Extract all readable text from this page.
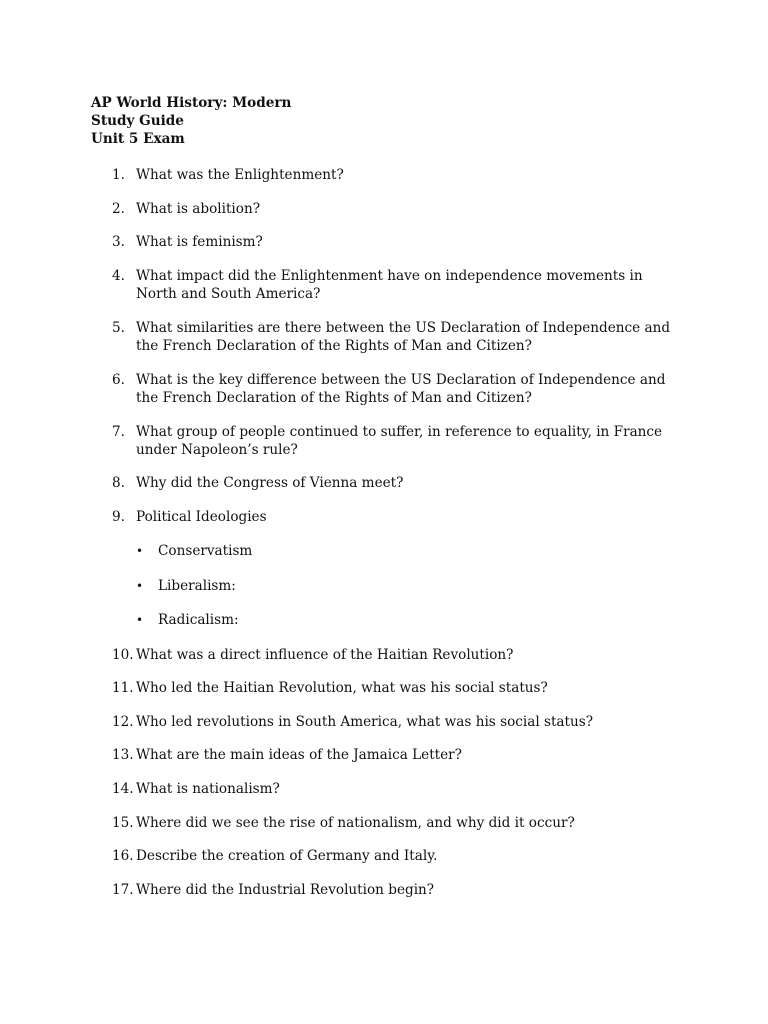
AP World History: Modern
Study Guide
Unit 5 Exam
1. What was the Enlightenment?
2. What is abolition?
3. What is feminism?
4. What impact did the Enlightenment have on independence movements in North and South America?
5. What similarities are there between the US Declaration of Independence and the French Declaration of the Rights of Man and Citizen?
6. What is the key difference between the US Declaration of Independence and the French Declaration of the Rights of Man and Citizen?
7. What group of people continued to suffer, in reference to equality, in France under Napoleon’s rule?
8. Why did the Congress of Vienna meet?
9. Political Ideologies
• Conservatism
• Liberalism:
• Radicalism:
10. What was a direct influence of the Haitian Revolution?
11. Who led the Haitian Revolution, what was his social status?
12. Who led revolutions in South America, what was his social status?
13. What are the main ideas of the Jamaica Letter?
14. What is nationalism?
15. Where did we see the rise of nationalism, and why did it occur?
16. Describe the creation of Germany and Italy.
17. Where did the Industrial Revolution begin?
